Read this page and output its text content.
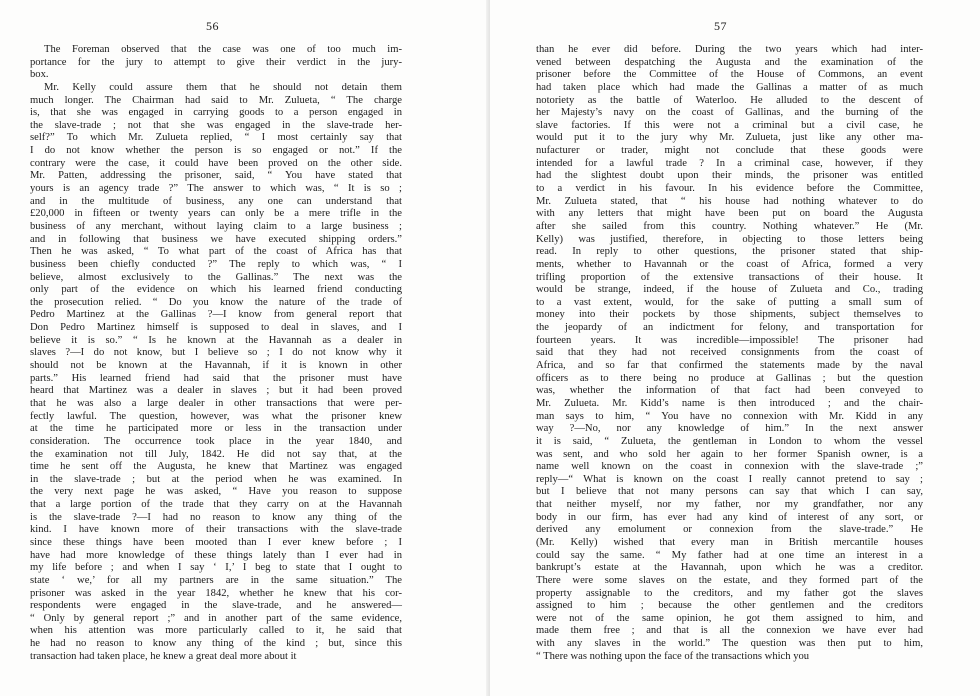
56
The Foreman observed that the case was one of too much im-
portance for the jury to attempt to give their verdict in the jury-
box.
Mr. Kelly could assure them that he should not detain them
much longer. The Chairman had said to Mr. Zulueta, “ The charge
is, that she was engaged in carrying goods to a person engaged in
the slave-trade ; not that she was engaged in the slave-trade her-
self?” To which Mr. Zulueta replied, “ I most certainly say that
I do not know whether the person is so engaged or not.” If the
contrary were the case, it could have been proved on the other side.
Mr. Patten, addressing the prisoner, said, “ You have stated that
yours is an agency trade ?” The answer to which was, “ It is so ;
and in the multitude of business, any one can understand that
£20,000 in fifteen or twenty years can only be a mere trifle in the
business of any merchant, without laying claim to a large business ;
and in following that business we have executed shipping orders.”
Then he was asked, “ To what part of the coast of Africa has that
business been chiefly conducted ?” The reply to which was, “ I
believe, almost exclusively to the Gallinas.” The next was the
only part of the evidence on which his learned friend conducting
the prosecution relied. “ Do you know the nature of the trade of
Pedro Martinez at the Gallinas ?—I know from general report that
Don Pedro Martinez himself is supposed to deal in slaves, and I
believe it is so.” “ Is he known at the Havannah as a dealer in
slaves ?—I do not know, but I believe so ; I do not know why it
should not be known at the Havannah, if it is known in other
parts.” His learned friend had said that the prisoner must have
heard that Martinez was a dealer in slaves ; but it had been proved
that he was also a large dealer in other transactions that were per-
fectly lawful. The question, however, was what the prisoner knew
at the time he participated more or less in the transaction under
consideration. The occurrence took place in the year 1840, and
the examination not till July, 1842. He did not say that, at the
time he sent off the Augusta, he knew that Martinez was engaged
in the slave-trade ; but at the period when he was examined. In
the very next page he was asked, “ Have you reason to suppose
that a large portion of the trade that they carry on at the Havannah
is the slave-trade ?—I had no reason to know any thing of the
kind. I have known more of their transactions with the slave-trade
since these things have been mooted than I ever knew before ; I
have had more knowledge of these things lately than I ever had in
my life before ; and when I say ‘ I,’ I beg to state that I ought to
state ‘ we,’ for all my partners are in the same situation.” The
prisoner was asked in the year 1842, whether he knew that his cor-
respondents were engaged in the slave-trade, and he answered—
“ Only by general report ;” and in another part of the same evidence,
when his attention was more particularly called to it, he said that
he had no reason to know any thing of the kind ; but, since this
transaction had taken place, he knew a great deal more about it
57
than he ever did before. During the two years which had inter-
vened between despatching the Augusta and the examination of the
prisoner before the Committee of the House of Commons, an event
had taken place which had made the Gallinas a matter of as much
notoriety as the battle of Waterloo. He alluded to the descent of
her Majesty’s navy on the coast of Gallinas, and the burning of the
slave factories. If this were not a criminal but a civil case, he
would put it to the jury why Mr. Zulueta, just like any other ma-
nufacturer or trader, might not conclude that these goods were
intended for a lawful trade ? In a criminal case, however, if they
had the slightest doubt upon their minds, the prisoner was entitled
to a verdict in his favour. In his evidence before the Committee,
Mr. Zulueta stated, that “ his house had nothing whatever to do
with any letters that might have been put on board the Augusta
after she sailed from this country. Nothing whatever.” He (Mr.
Kelly) was justified, therefore, in objecting to those letters being
read. In reply to other questions, the prisoner stated that ship-
ments, whether to Havannah or the coast of Africa, formed a very
trifling proportion of the extensive transactions of their house. It
would be strange, indeed, if the house of Zulueta and Co., trading
to a vast extent, would, for the sake of putting a small sum of
money into their pockets by those shipments, subject themselves to
the jeopardy of an indictment for felony, and transportation for
fourteen years. It was incredible—impossible! The prisoner had
said that they had not received consignments from the coast of
Africa, and so far that confirmed the statements made by the naval
officers as to there being no produce at Gallinas ; but the question
was, whether the information of that fact had been conveyed to
Mr. Zulueta. Mr. Kidd’s name is then introduced ; and the chair-
man says to him, “ You have no connexion with Mr. Kidd in any
way ?—No, nor any knowledge of him.” In the next answer
it is said, “ Zulueta, the gentleman in London to whom the vessel
was sent, and who sold her again to her former Spanish owner, is a
name well known on the coast in connexion with the slave-trade ;”
reply—“ What is known on the coast I really cannot pretend to say ;
but I believe that not many persons can say that which I can say,
that neither myself, nor my father, nor my grandfather, nor any
body in our firm, has ever had any kind of interest of any sort, or
derived any emolument or connexion from the slave-trade.” He
(Mr. Kelly) wished that every man in British mercantile houses
could say the same. “ My father had at one time an interest in a
bankrupt’s estate at the Havannah, upon which he was a creditor.
There were some slaves on the estate, and they formed part of the
property assignable to the creditors, and my father got the slaves
assigned to him ; because the other gentlemen and the creditors
were not of the same opinion, he got them assigned to him, and
made them free ; and that is all the connexion we have ever had
with any slaves in the world.” The question was then put to him,
“ There was nothing upon the face of the transactions which you
